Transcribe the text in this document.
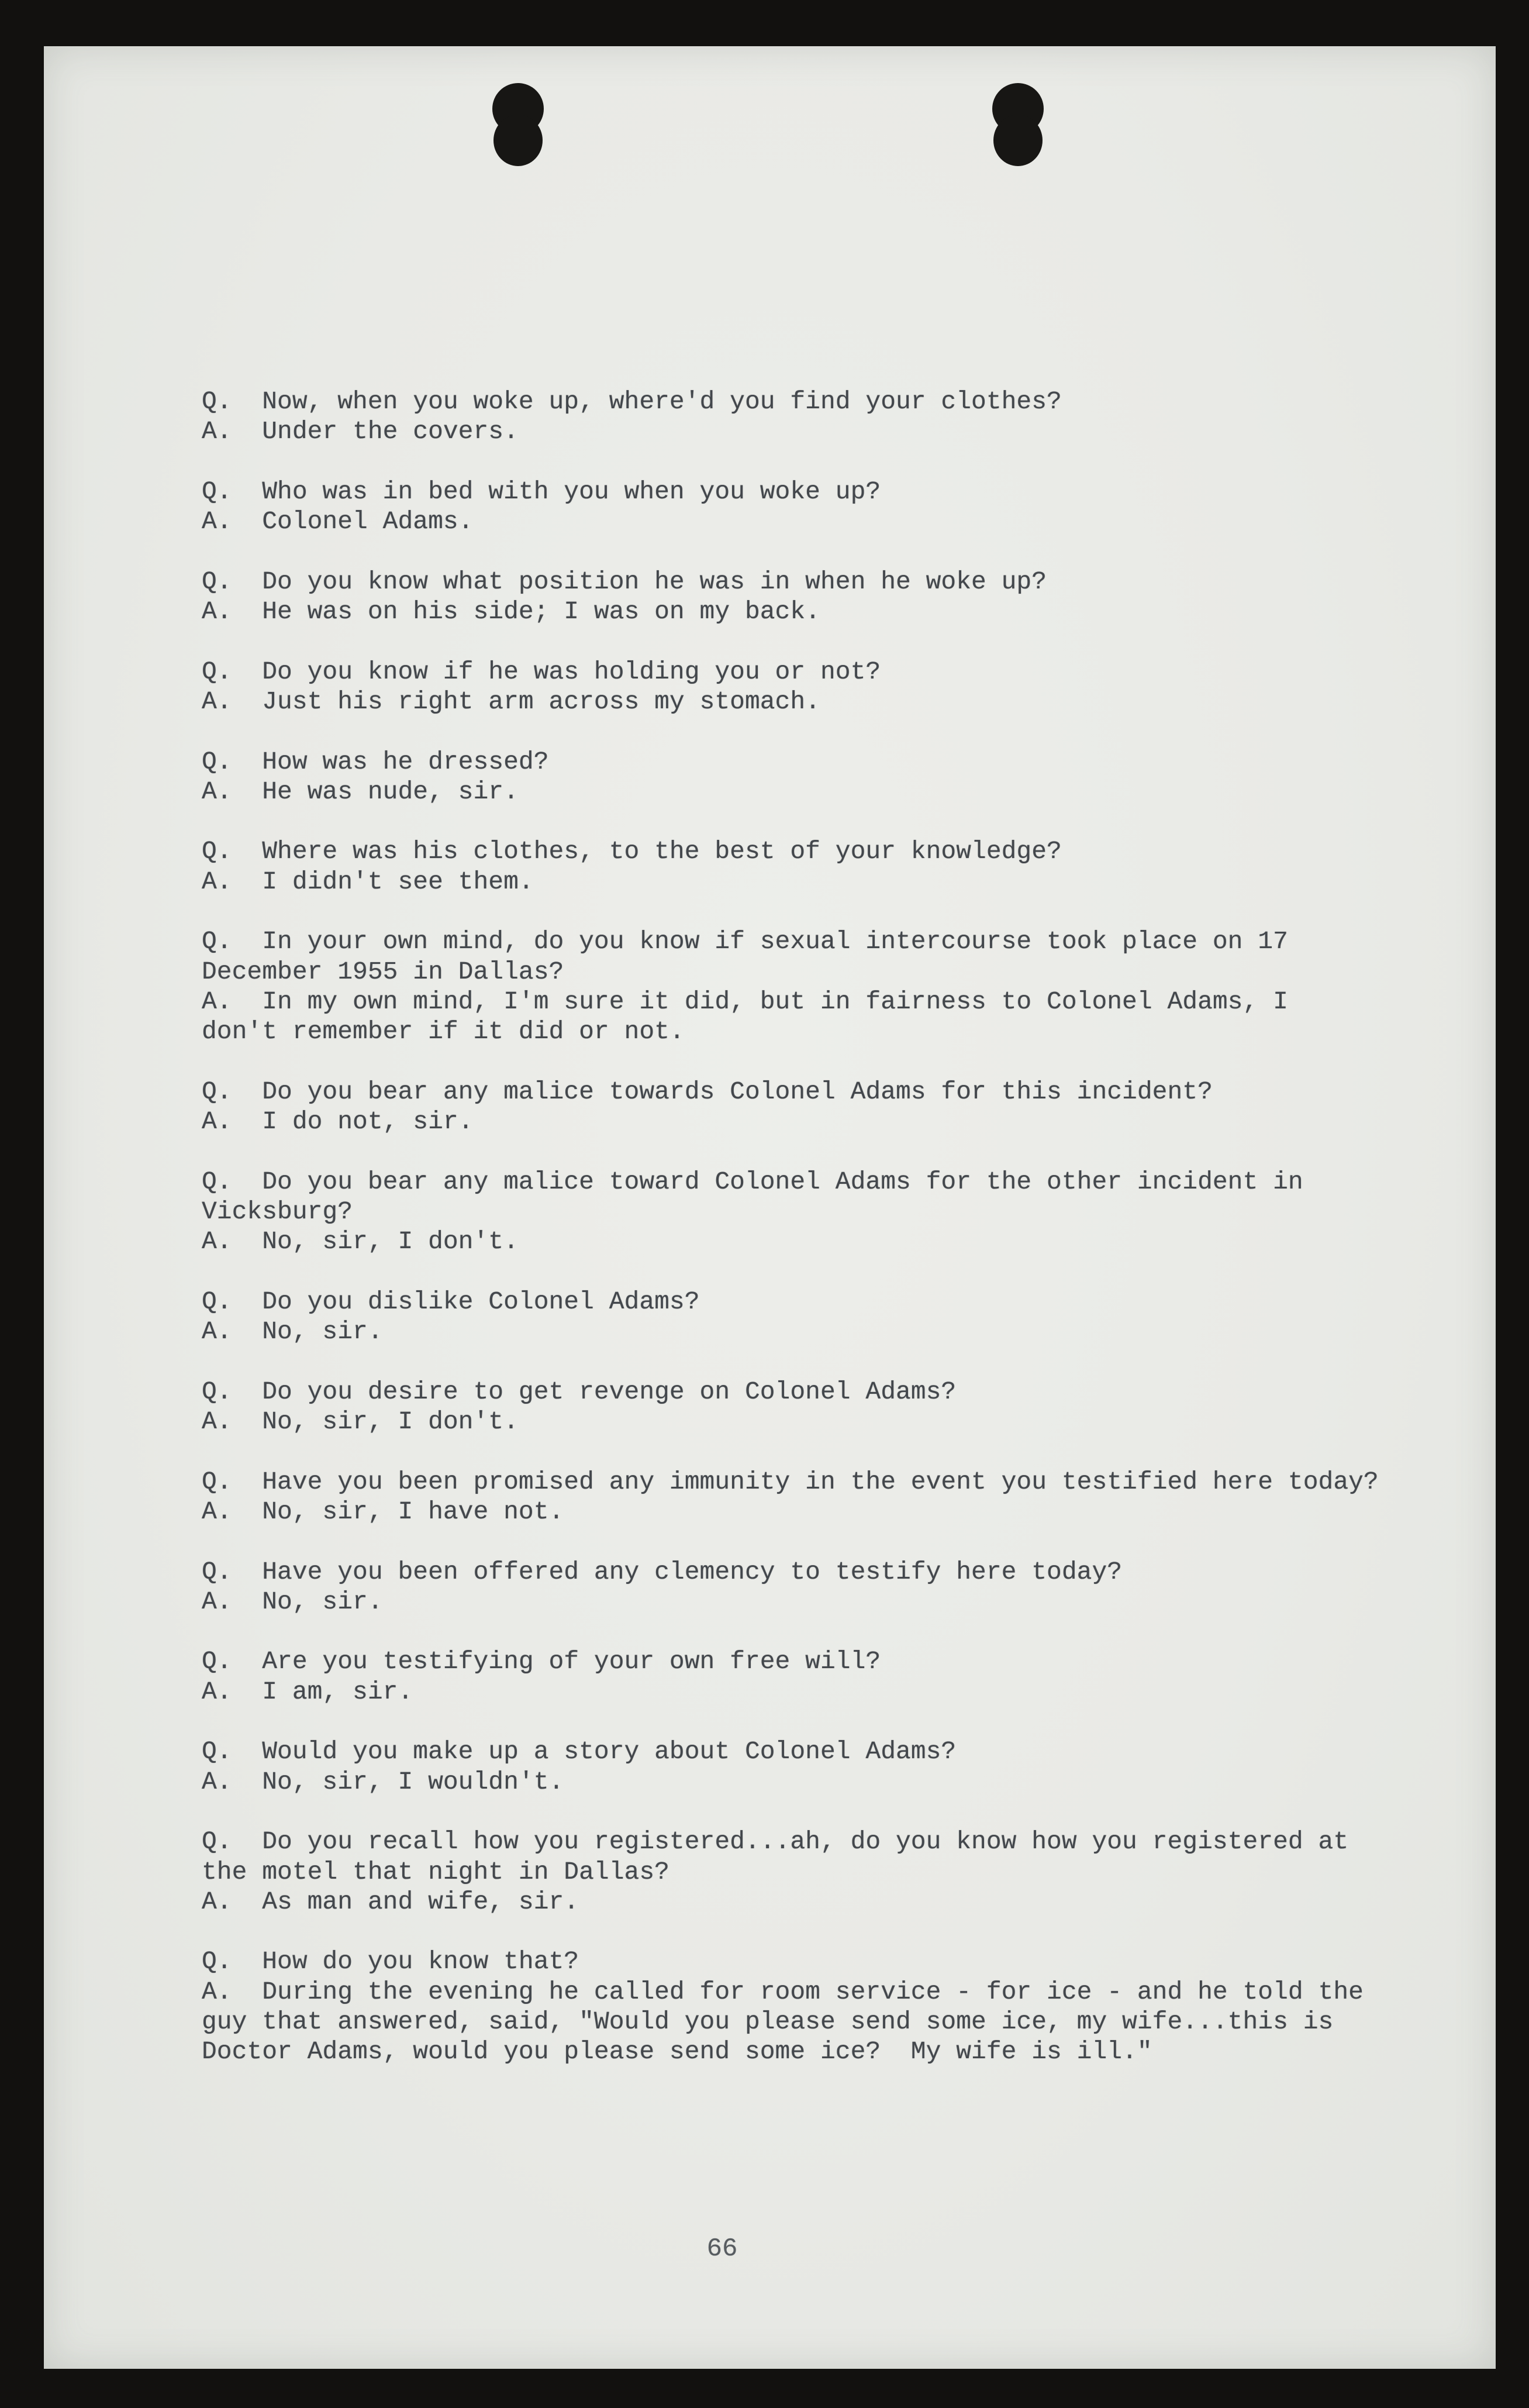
Q.  Now, when you woke up, where'd you find your clothes?
A.  Under the covers.
Q.  Who was in bed with you when you woke up?
A.  Colonel Adams.
Q.  Do you know what position he was in when he woke up?
A.  He was on his side; I was on my back.
Q.  Do you know if he was holding you or not?
A.  Just his right arm across my stomach.
Q.  How was he dressed?
A.  He was nude, sir.
Q.  Where was his clothes, to the best of your knowledge?
A.  I didn't see them.
Q.  In your own mind, do you know if sexual intercourse took place on 17
December 1955 in Dallas?
A.  In my own mind, I'm sure it did, but in fairness to Colonel Adams, I
don't remember if it did or not.
Q.  Do you bear any malice towards Colonel Adams for this incident?
A.  I do not, sir.
Q.  Do you bear any malice toward Colonel Adams for the other incident in
Vicksburg?
A.  No, sir, I don't.
Q.  Do you dislike Colonel Adams?
A.  No, sir.
Q.  Do you desire to get revenge on Colonel Adams?
A.  No, sir, I don't.
Q.  Have you been promised any immunity in the event you testified here today?
A.  No, sir, I have not.
Q.  Have you been offered any clemency to testify here today?
A.  No, sir.
Q.  Are you testifying of your own free will?
A.  I am, sir.
Q.  Would you make up a story about Colonel Adams?
A.  No, sir, I wouldn't.
Q.  Do you recall how you registered...ah, do you know how you registered at
the motel that night in Dallas?
A.  As man and wife, sir.
Q.  How do you know that?
A.  During the evening he called for room service - for ice - and he told the
guy that answered, said, "Would you please send some ice, my wife...this is
Doctor Adams, would you please send some ice?  My wife is ill."
66
